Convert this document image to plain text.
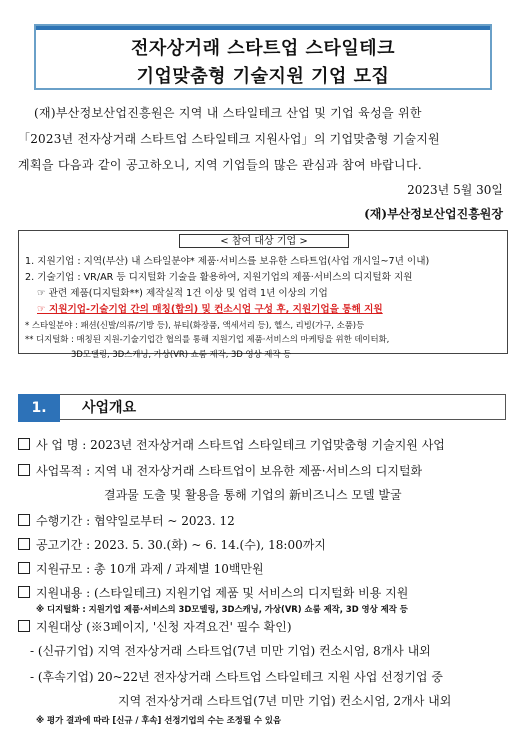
전자상거래 스타트업 스타일테크
기업맞춤형 기술지원 기업 모집
(재)부산정보산업진흥원은 지역 내 스타일테크 산업 및 기업 육성을 위한
「2023년 전자상거래 스타트업 스타일테크 지원사업」의 기업맞춤형 기술지원
계획을 다음과 같이 공고하오니, 지역 기업들의 많은 관심과 참여 바랍니다.
2023년 5월 30일
(재)부산정보산업진흥원장
< 참여 대상 기업 >
1. 지원기업 : 지역(부산) 내 스타일분야* 제품·서비스를 보유한 스타트업(사업 개시일~7년 이내)
2. 기술기업 : VR/AR 등 디지털화 기술을 활용하여, 지원기업의 제품·서비스의 디지털화 지원
☞ 관련 제품(디지털화**) 제작실적 1건 이상 및 업력 1년 이상의 기업
☞ 지원기업-기술기업 간의 매칭(합의) 및 컨소시엄 구성 후, 지원기업을 통해 지원
* 스타일분야 : 패션(신발/의류/기방 등), 뷰티(화장품, 액세서리 등), 헬스, 리빙(가구, 소품)등
** 디지털화 : 매칭된 지원-기술기업간 협의를 통해 지원기업 제품·서비스의 마케팅을 위한 데이터화,
3D모델링, 3D스캐닝, 가상(VR) 쇼룸 제작, 3D 영상 제작 등
1.	사업개요
사 업 명 : 2023년 전자상거래 스타트업 스타일테크 기업맞춤형 기술지원 사업
사업목적 : 지역 내 전자상거래 스타트업이 보유한 제품·서비스의 디지털화
결과물 도출 및 활용을 통해 기업의 新비즈니스 모델 발굴
수행기간 : 협약일로부터 ~ 2023. 12
공고기간 : 2023. 5. 30.(화) ~ 6. 14.(수), 18:00까지
지원규모 : 총 10개 과제 / 과제별 10백만원
지원내용 : (스타일테크) 지원기업 제품 및 서비스의 디지털화 비용 지원
※ 디지털화 : 지원기업 제품·서비스의 3D모델링, 3D스캐닝, 가상(VR) 쇼룸 제작, 3D 영상 제작 등
지원대상 (※3페이지, '신청 자격요건' 필수 확인)
- (신규기업) 지역 전자상거래 스타트업(7년 미만 기업) 컨소시엄, 8개사 내외
- (후속기업) 20~22년 전자상거래 스타트업 스타일테크 지원 사업 선정기업 중
지역 전자상거래 스타트업(7년 미만 기업) 컨소시엄, 2개사 내외
※ 평가 결과에 따라 [신규 / 후속] 선정기업의 수는 조정될 수 있음
